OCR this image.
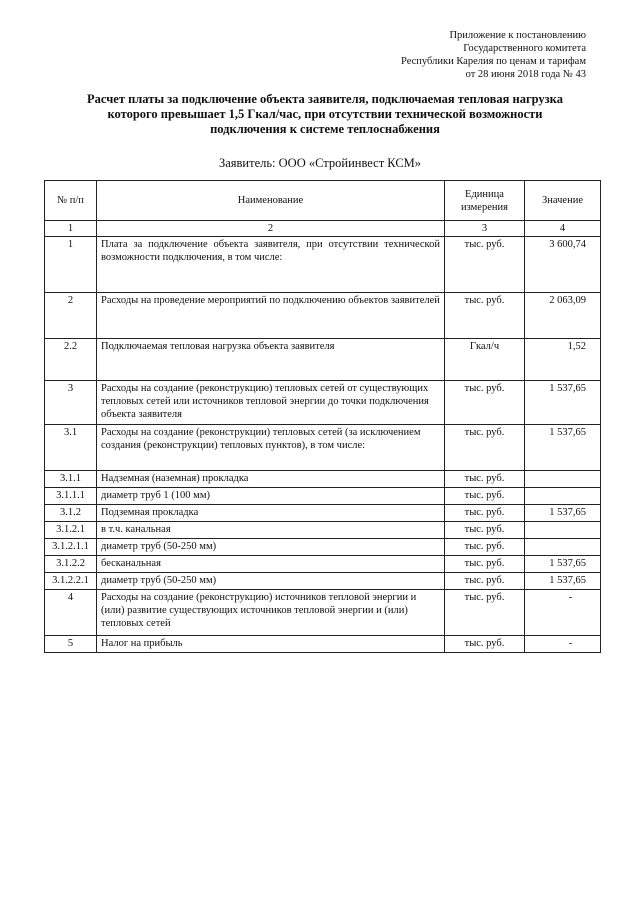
Приложение к постановлению
Государственного комитета
Республики Карелия по ценам и тарифам
от 28 июня 2018 года № 43
Расчет платы за подключение объекта заявителя, подключаемая тепловая нагрузка
которого превышает 1,5 Гкал/час, при отсутствии технической возможности
подключения к системе теплоснабжения
Заявитель: ООО «Стройинвест КСМ»
№ п/п	Наименование	Единица измерения	Значение
1	2	3	4
1	Плата за подключение объекта заявителя, при отсутствии технической возможности подключения, в том числе:	тыс. руб.	3 600,74
2	Расходы на проведение мероприятий по подключению объектов заявителей	тыс. руб.	2 063,09
2.2	Подключаемая тепловая нагрузка объекта заявителя	Гкал/ч	1,52
3	Расходы на создание (реконструкцию) тепловых сетей от существующих тепловых сетей или источников тепловой энергии до точки подключения объекта заявителя	тыс. руб.	1 537,65
3.1	Расходы на создание (реконструкции) тепловых сетей (за исключением создания (реконструкции) тепловых пунктов), в том числе:	тыс. руб.	1 537,65
3.1.1	Надземная (наземная) прокладка	тыс. руб.	
3.1.1.1	диаметр труб 1 (100 мм)	тыс. руб.	
3.1.2	Подземная прокладка	тыс. руб.	1 537,65
3.1.2.1	в т.ч. канальная	тыс. руб.	
3.1.2.1.1	диаметр труб (50-250 мм)	тыс. руб.	
3.1.2.2	бесканальная	тыс. руб.	1 537,65
3.1.2.2.1	диаметр труб (50-250 мм)	тыс. руб.	1 537,65
4	Расходы на создание (реконструкцию) источников тепловой энергии и (или) развитие существующих источников тепловой энергии и (или) тепловых сетей	тыс. руб.	-
5	Налог на прибыль	тыс. руб.	-
